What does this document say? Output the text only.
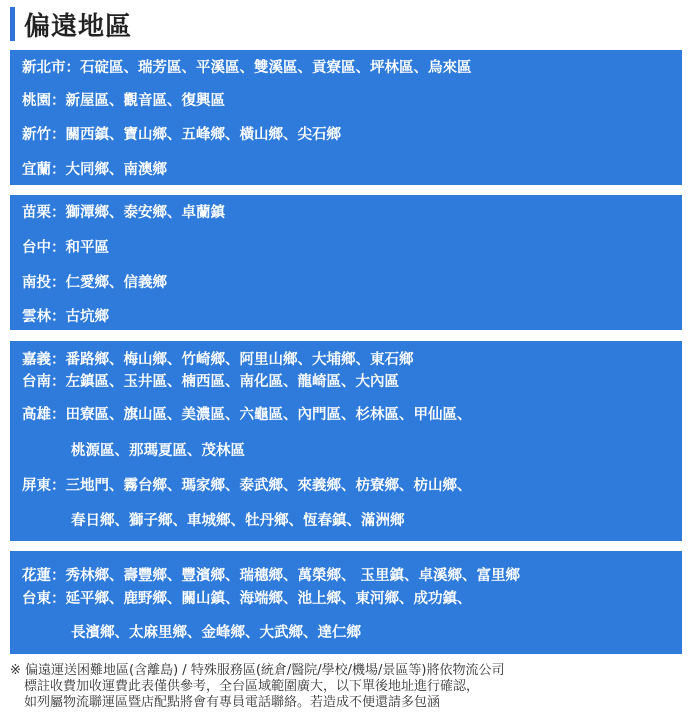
偏遠地區
新北市：石碇區、瑞芳區、平溪區、雙溪區、貢寮區、坪林區、烏來區
桃園：新屋區、觀音區、復興區
新竹：關西鎮、寶山鄉、五峰鄉、橫山鄉、尖石鄉
宜蘭：大同鄉、南澳鄉
苗栗：獅潭鄉、泰安鄉、卓蘭鎮
台中：和平區
南投：仁愛鄉、信義鄉
雲林：古坑鄉
嘉義：番路鄉、梅山鄉、竹崎鄉、阿里山鄉、大埔鄉、東石鄉
台南：左鎮區、玉井區、楠西區、南化區、龍崎區、大內區
高雄：田寮區、旗山區、美濃區、六龜區、內門區、杉林區、甲仙區、
桃源區、那瑪夏區、茂林區
屏東：三地門、霧台鄉、瑪家鄉、泰武鄉、來義鄉、枋寮鄉、枋山鄉、
春日鄉、獅子鄉、車城鄉、牡丹鄉、恆春鎮、滿洲鄉
花蓮：秀林鄉、壽豐鄉、豐濱鄉、瑞穗鄉、萬榮鄉、 玉里鎮、卓溪鄉、富里鄉
台東：延平鄉、鹿野鄉、關山鎮、海端鄉、池上鄉、東河鄉、成功鎮、
長濱鄉、太麻里鄉、金峰鄉、大武鄉、達仁鄉
※ 偏遠運送困難地區(含離島) / 特殊服務區(統倉/醫院/學校/機場/景區等)將依物流公司
標註收費加收運費此表僅供參考，全台區域範圍廣大，以下單後地址進行確認，
如列屬物流聯運區暨店配點將會有專員電話聯絡。若造成不便還請多包涵
